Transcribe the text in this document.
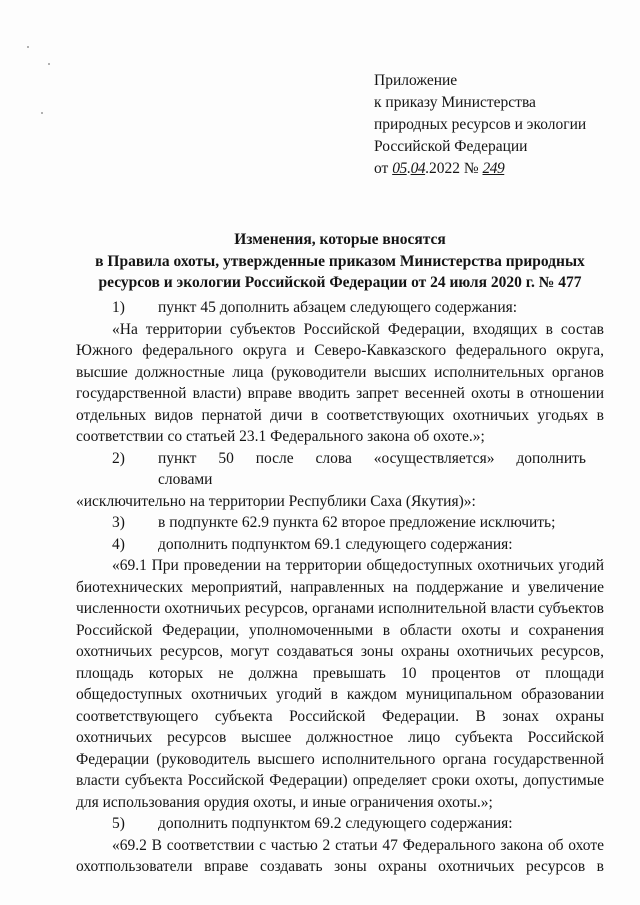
Приложение
к приказу Министерства
природных ресурсов и экологии
Российской Федерации
от 05.04.2022 № 249
Изменения, которые вносятся
в Правила охоты, утвержденные приказом Министерства природных
ресурсов и экологии Российской Федерации от 24 июля 2020 г. № 477
1)	пункт 45 дополнить абзацем следующего содержания:

«На территории субъектов Российской Федерации, входящих в состав Южного федерального округа и Северо-Кавказского федерального округа, высшие должностные лица (руководители высших исполнительных органов государственной власти) вправе вводить запрет весенней охоты в отношении отдельных видов пернатой дичи в соответствующих охотничьих угодьях в соответствии со статьей 23.1 Федерального закона об охоте.»;

2)	пункт 50 после слова «осуществляется» дополнить словами

«исключительно на территории Республики Саха (Якутия)»:

3)	в подпункте 62.9 пункта 62 второе предложение исключить;
4)	дополнить подпунктом 69.1 следующего содержания:

«69.1 При проведении на территории общедоступных охотничьих угодий биотехнических мероприятий, направленных на поддержание и увеличение численности охотничьих ресурсов, органами исполнительной власти субъектов Российской Федерации, уполномоченными в области охоты и сохранения охотничьих ресурсов, могут создаваться зоны охраны охотничьих ресурсов, площадь которых не должна превышать 10 процентов от площади общедоступных охотничьих угодий в каждом муниципальном образовании соответствующего субъекта Российской Федерации. В зонах охраны охотничьих ресурсов высшее должностное лицо субъекта Российской Федерации (руководитель высшего исполнительного органа государственной власти субъекта Российской Федерации) определяет сроки охоты, допустимые для использования орудия охоты, и иные ограничения охоты.»;

5)	дополнить подпунктом 69.2 следующего содержания:

«69.2 В соответствии с частью 2 статьи 47 Федерального закона об охоте охотпользователи вправе создавать зоны охраны охотничьих ресурсов в
